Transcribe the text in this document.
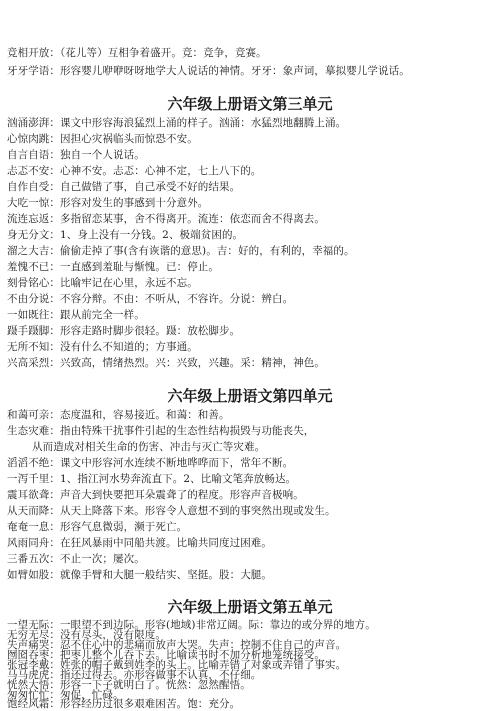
竞相开放：（花儿等）互相争着盛开。竞：竞争，竞赛。
牙牙学语：形容婴儿咿咿呀呀地学大人说话的神情。牙牙：象声词，摹拟婴儿学说话。
六年级上册语文第三单元
汹涌澎湃：课文中形容海浪猛烈上涌的样子。汹涌：水猛烈地翻腾上涌。
心惊肉跳：因担心灾祸临头而惊恐不安。
自言自语：独自一个人说话。
忐忑不安：心神不安。忐忑：心神不定，七上八下的。
自作自受：自己做错了事，自己承受不好的结果。
大吃一惊：形容对发生的事感到十分意外。
流连忘返：多指留恋某事，舍不得离开。流连：依恋而舍不得离去。
身无分文：1、身上没有一分钱。2、极端贫困的。
溜之大吉：偷偷走掉了事(含有诙谐的意思)。吉：好的，有利的，幸福的。
羞愧不已：一直感到羞耻与惭愧。已：停止。
刻骨铭心：比喻牢记在心里，永远不忘。
不由分说：不容分辩。不由：不听从，不容许。分说：辨白。
一如既往：跟从前完全一样。
蹑手蹑脚：形容走路时脚步很轻。蹑：放松脚步。
无所不知：没有什么不知道的；方事通。
兴高采烈：兴致高，情绪热烈。兴：兴致，兴趣。采：精神，神色。
六年级上册语文第四单元
和蔼可亲：态度温和，容易接近。和蔼：和善。
生态灾难：指由特殊干扰事件引起的生态性结构损毁与功能丧失，
从而造成对相关生命的伤害、冲击与灭亡等灾难。
滔滔不绝：课文中形容河水连续不断地哗哗而下，常年不断。
一泻千里：1、指江河水势奔流直下。2、比喻文笔奔放畅达。
震耳欲聋：声音大到快要把耳朵震聋了的程度。形容声音极响。
从天而降：从天上降落下来。形容令人意想不到的事突然出现或发生。
奄奄一息：形容气息微弱，濒于死亡。
风雨同舟：在狂风暴雨中同船共渡。比喻共同度过困难。
三番五次：不止一次；屡次。
如臂如股：就像手臂和大腿一般结实、坚挺。股：大腿。
六年级上册语文第五单元
一望无际：一眼望不到边际。形容(地域)非常辽阔。际：靠边的或分界的地方。
无穷无尽：没有尽头，没有限度。
失声痛哭：忍不住心中的悲痛而放声大哭。失声：控制不住自己的声音。
囫囵吞枣：把枣儿整个儿吞下去。比喻读书时不加分析地笼统接受。
张冠李戴：姓张的帽子戴到姓李的头上。比喻弄错了对象或弄错了事实。
马马虎虎：指还过得去。亦形容做事不认真，不仔细。
恍然大悟：形容一下子就明白了。恍然：忽然醒悟。
匆匆忙忙：匆促，忙碌。
饱经风霜：形容经历过很多艰难困苦。饱：充分。
